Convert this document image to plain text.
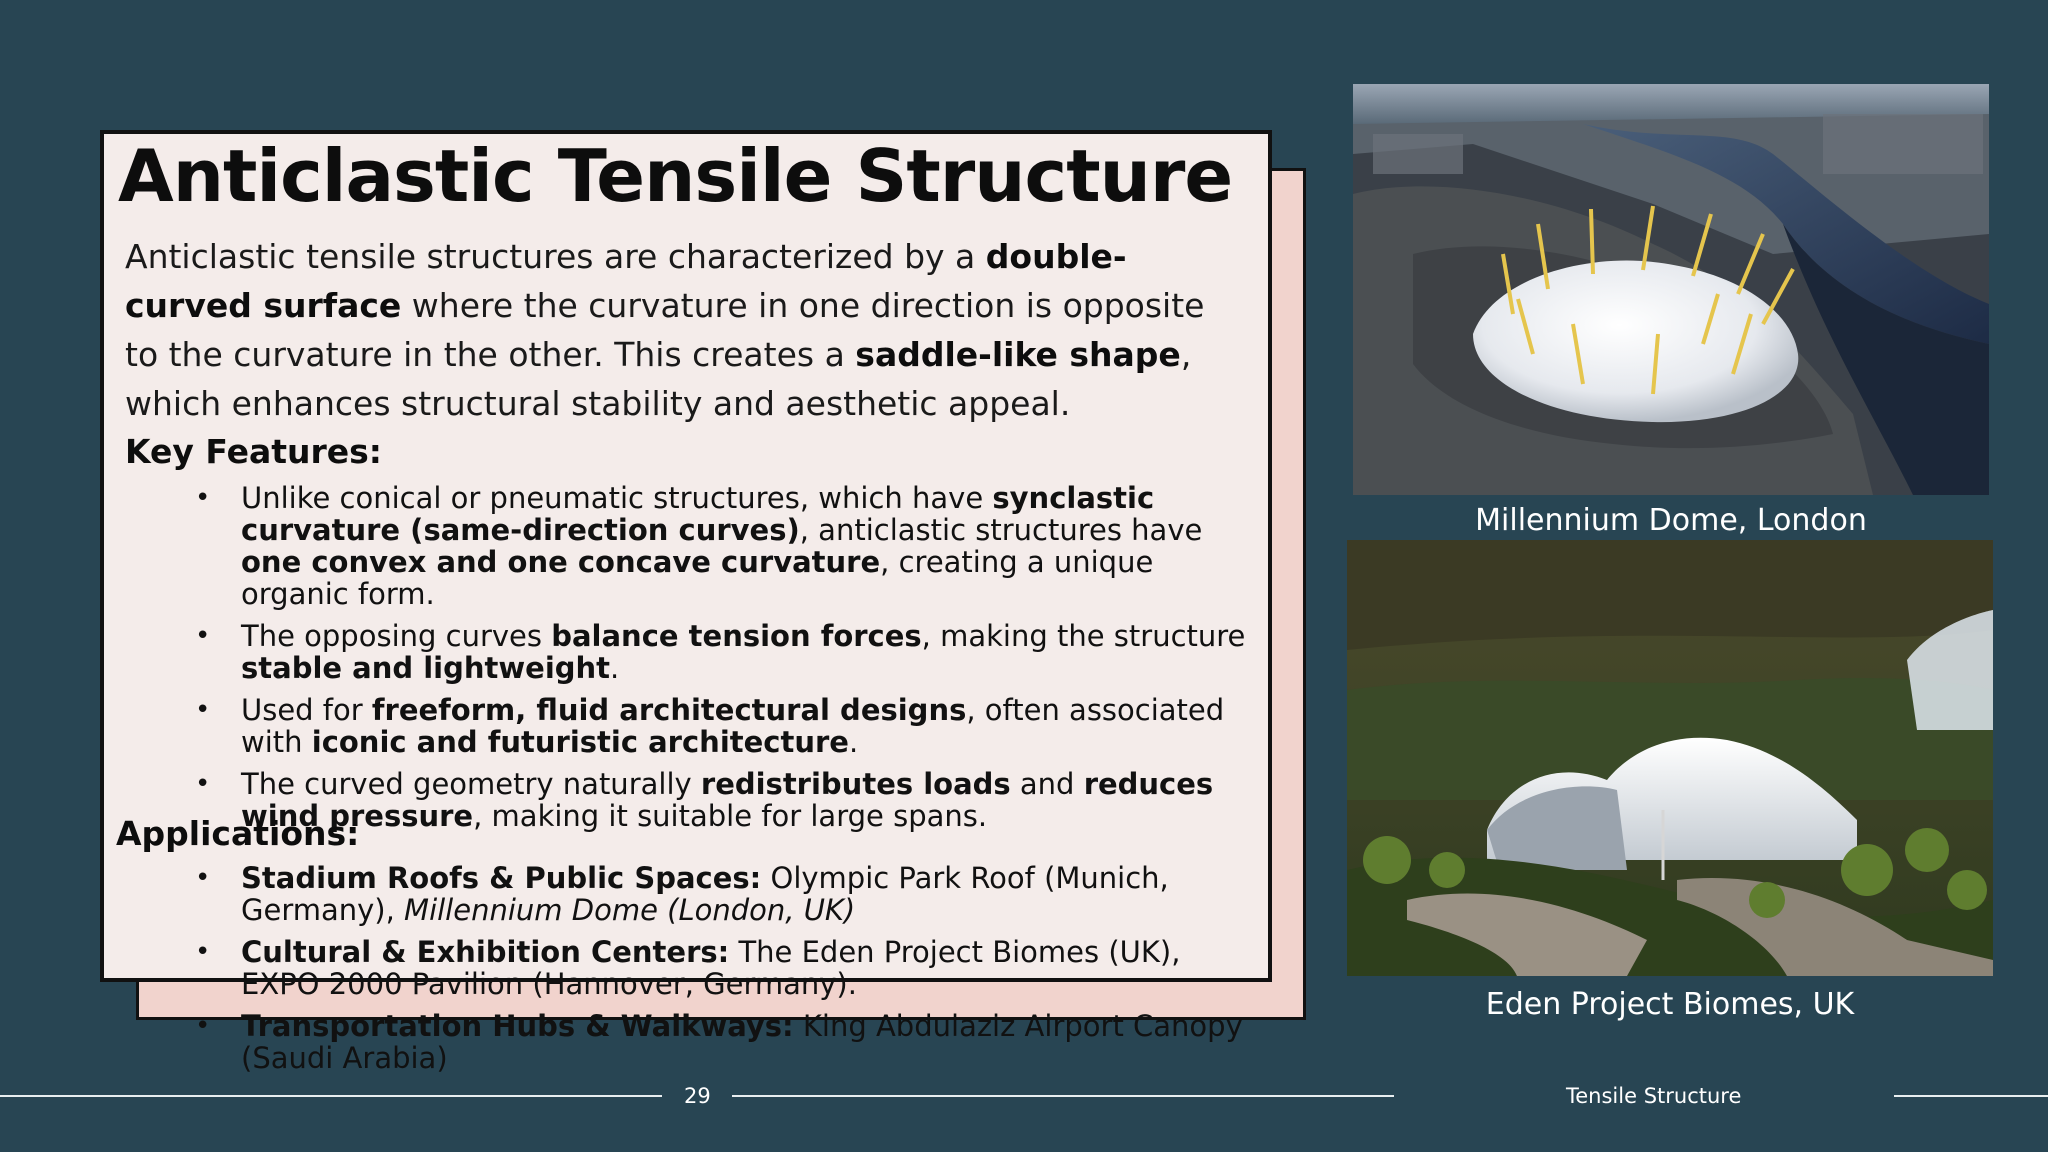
Anticlastic Tensile Structure

Anticlastic tensile structures are characterized by a double-curved surface where the curvature in one direction is opposite to the curvature in the other. This creates a saddle-like shape, which enhances structural stability and aesthetic appeal.

Key Features:
• Unlike conical or pneumatic structures, which have synclastic curvature (same-direction curves), anticlastic structures have one convex and one concave curvature, creating a unique organic form.
• The opposing curves balance tension forces, making the structure stable and lightweight.
• Used for freeform, fluid architectural designs, often associated with iconic and futuristic architecture.
• The curved geometry naturally redistributes loads and reduces wind pressure, making it suitable for large spans.
Applications:
• Stadium Roofs & Public Spaces: Olympic Park Roof (Munich, Germany), Millennium Dome (London, UK)
• Cultural & Exhibition Centers: The Eden Project Biomes (UK), EXPO 2000 Pavilion (Hannover, Germany).
• Transportation Hubs & Walkways: King Abdulaziz Airport Canopy (Saudi Arabia)
Millennium Dome, London
Eden Project Biomes, UK
29	Tensile Structure
